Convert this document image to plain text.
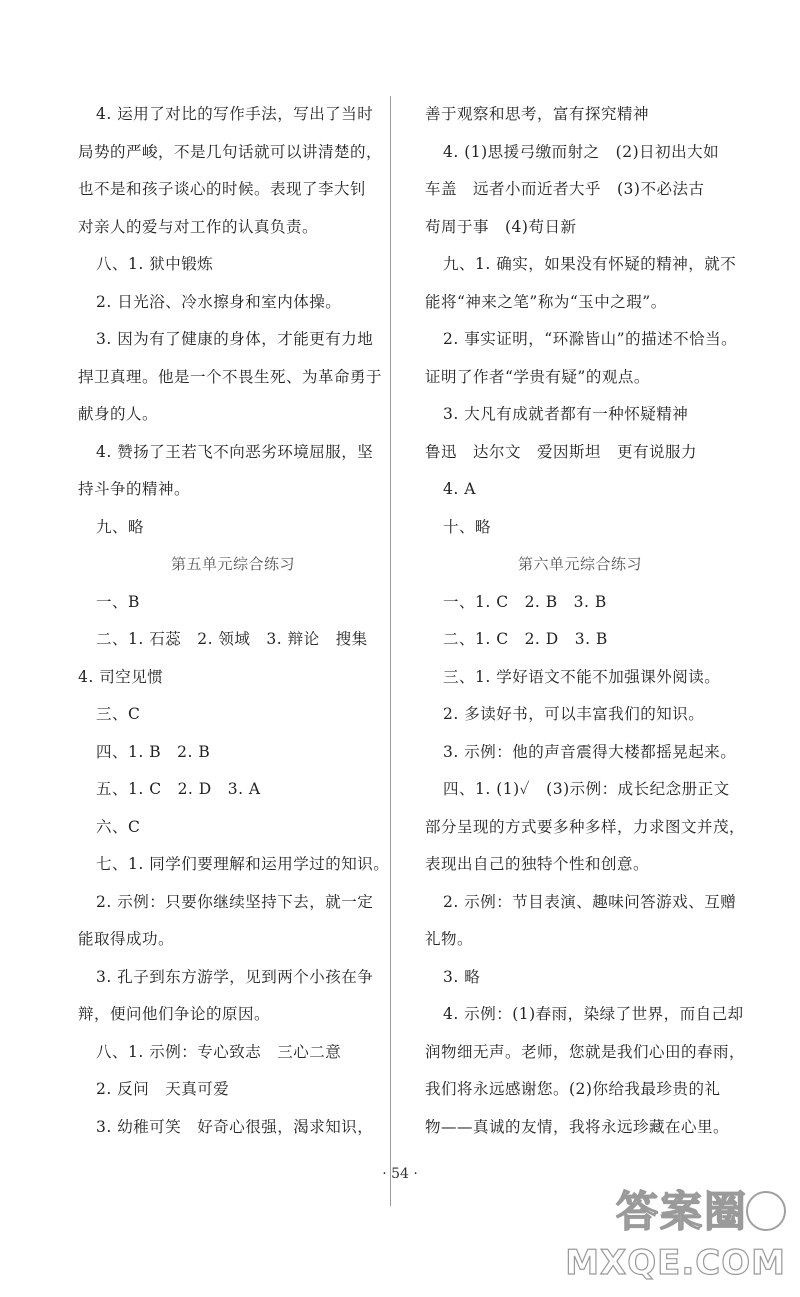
4. 运用了对比的写作手法，写出了当时
局势的严峻，不是几句话就可以讲清楚的，
也不是和孩子谈心的时候。表现了李大钊
对亲人的爱与对工作的认真负责。
八、1. 狱中锻炼
2. 日光浴、冷水擦身和室内体操。
3. 因为有了健康的身体，才能更有力地
捍卫真理。他是一个不畏生死、为革命勇于
献身的人。
4. 赞扬了王若飞不向恶劣环境屈服，坚
持斗争的精神。
九、略
第五单元综合练习
一、B
二、1. 石蕊　2. 领域　3. 辩论　搜集
4. 司空见惯
三、C
四、1. B　2. B
五、1. C　2. D　3. A
六、C
七、1. 同学们要理解和运用学过的知识。
2. 示例：只要你继续坚持下去，就一定
能取得成功。
3. 孔子到东方游学，见到两个小孩在争
辩，便问他们争论的原因。
八、1. 示例：专心致志　三心二意
2. 反问　天真可爱
3. 幼稚可笑　好奇心很强，渴求知识，
善于观察和思考，富有探究精神
4. (1)思援弓缴而射之　(2)日初出大如
车盖　远者小而近者大乎　(3)不必法古
苟周于事　(4)苟日新
九、1. 确实，如果没有怀疑的精神，就不
能将“神来之笔”称为“玉中之瑕”。
2. 事实证明，“环滁皆山”的描述不恰当。
证明了作者“学贵有疑”的观点。
3. 大凡有成就者都有一种怀疑精神
鲁迅　达尔文　爱因斯坦　更有说服力
4. A
十、略
第六单元综合练习
一、1. C　2. B　3. B
二、1. C　2. D　3. B
三、1. 学好语文不能不加强课外阅读。
2. 多读好书，可以丰富我们的知识。
3. 示例：他的声音震得大楼都摇晃起来。
四、1. (1)✓　(3)示例：成长纪念册正文
部分呈现的方式要多种多样，力求图文并茂，
表现出自己的独特个性和创意。
2. 示例：节目表演、趣味问答游戏、互赠
礼物。
3. 略
4. 示例：(1)春雨，染绿了世界，而自己却
润物细无声。老师，您就是我们心田的春雨，
我们将永远感谢您。(2)你给我最珍贵的礼
物——真诚的友情，我将永远珍藏在心里。
· 54 ·
答案圈
MXQE.COM
